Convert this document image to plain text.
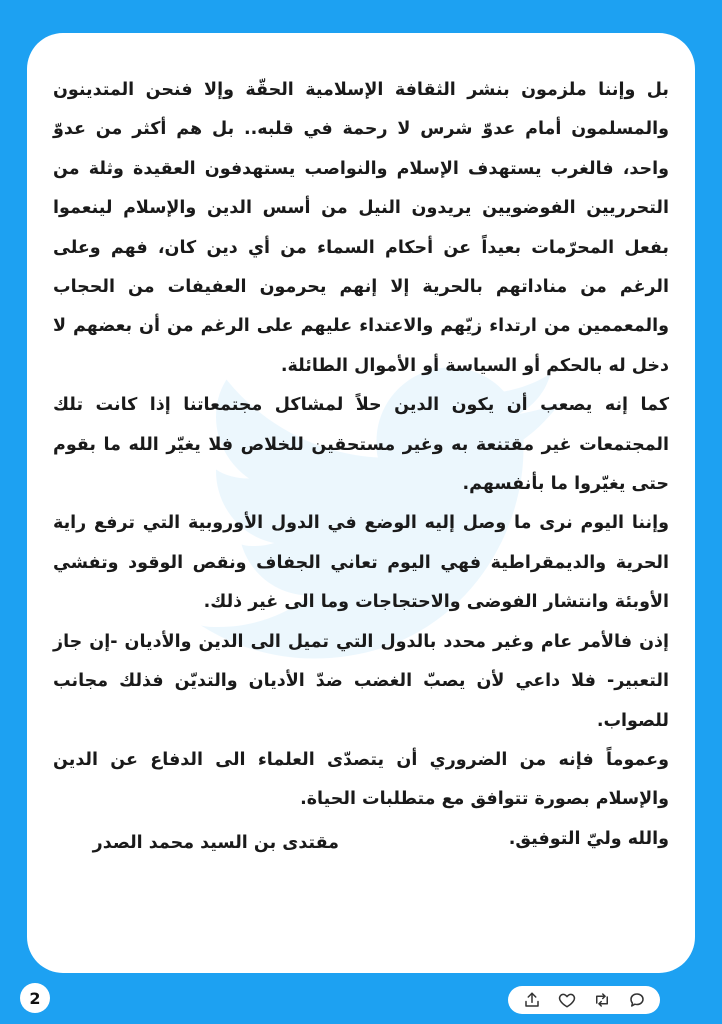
بل وإننا ملزمون بنشر الثقافة الإسلامية الحقّة وإلا فنحن المتدينون والمسلمون أمام عدوّ شرس لا رحمة في قلبه.. بل هم أكثر من عدوّ واحد، فالغرب يستهدف الإسلام والنواصب يستهدفون العقيدة وثلة من التحرريين الفوضويين يريدون النيل من أسس الدين والإسلام لينعموا بفعل المحرّمات بعيداً عن أحكام السماء من أي دين كان، فهم وعلى الرغم من مناداتهم بالحرية إلا إنهم يحرمون العفيفات من الحجاب والمعممين من ارتداء زيّهم والاعتداء عليهم على الرغم من أن بعضهم لا دخل له بالحكم أو السياسة أو الأموال الطائلة.

كما إنه يصعب أن يكون الدين حلاً لمشاكل مجتمعاتنا إذا كانت تلك المجتمعات غير مقتنعة به وغير مستحقين للخلاص فلا يغيّر الله ما بقوم حتى يغيّروا ما بأنفسهم.

وإننا اليوم نرى ما وصل إليه الوضع في الدول الأوروبية التي ترفع راية الحرية والديمقراطية فهي اليوم تعاني الجفاف ونقص الوقود وتفشي الأوبئة وانتشار الفوضى والاحتجاجات وما الى غير ذلك.

إذن فالأمر عام وغير محدد بالدول التي تميل الى الدين والأديان -إن جاز التعبير- فلا داعي لأن يصبّ الغضب ضدّ الأديان والتديّن فذلك مجانب للصواب.

وعموماً فإنه من الضروري أن يتصدّى العلماء الى الدفاع عن الدين والإسلام بصورة تتوافق مع متطلبات الحياة.

والله وليّ التوفيق.

مقتدى بن السيد محمد الصدر
2
